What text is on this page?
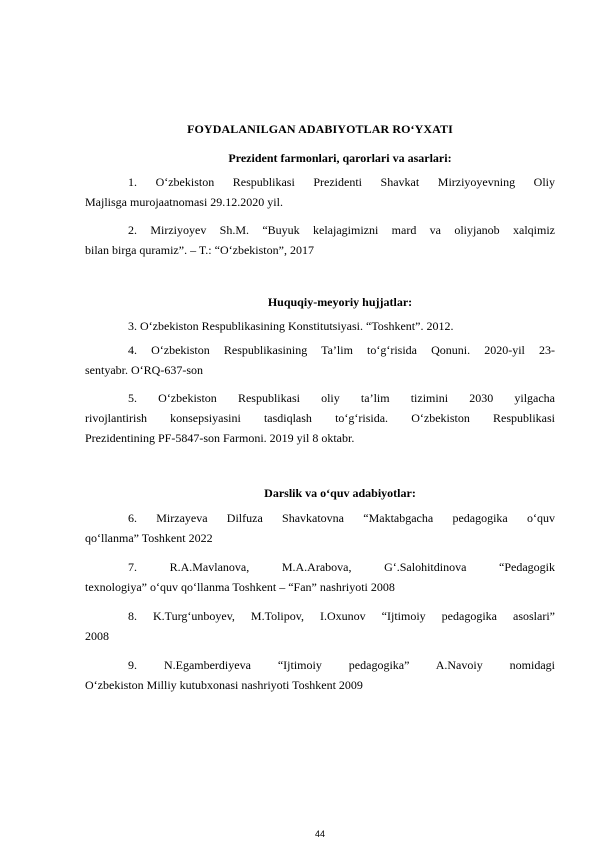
FOYDALANILGAN ADABIYOTLAR RO‘YXATI
Prezident farmonlari, qarorlari va asarlari:
1. O‘zbekiston Respublikasi Prezidenti Shavkat Mirziyoyevning Oliy
Majlisga murojaatnomasi 29.12.2020 yil.
2. Mirziyoyev Sh.M. “Buyuk kelajagimizni mard va oliyjanob xalqimiz
bilan birga quramiz”. – T.: “O‘zbekiston”, 2017
Huquqiy-meyoriy hujjatlar:
3. O‘zbekiston Respublikasining Konstitutsiyasi. “Toshkent”. 2012.
4. O‘zbekiston Respublikasining Ta’lim to‘g‘risida Qonuni. 2020-yil 23-
sentyabr. O‘RQ-637-son
5. O‘zbekiston Respublikasi oliy ta’lim tizimini 2030 yilgacha
rivojlantirish konsepsiyasini tasdiqlash to‘g‘risida. O‘zbekiston Respublikasi
Prezidentining PF-5847-son Farmoni. 2019 yil 8 oktabr.
Darslik va o‘quv adabiyotlar:
6. Mirzayeva Dilfuza Shavkatovna “Maktabgacha pedagogika o‘quv
qo‘llanma” Toshkent 2022
7. R.A.Mavlanova, M.A.Arabova, G‘.Salohitdinova “Pedagogik
texnologiya” o‘quv qo‘llanma Toshkent – “Fan” nashriyoti 2008
8. K.Turg‘unboyev, M.Tolipov, I.Oxunov “Ijtimoiy pedagogika asoslari”
2008
9. N.Egamberdiyeva “Ijtimoiy pedagogika” A.Navoiy nomidagi
O‘zbekiston Milliy kutubxonasi nashriyoti Toshkent 2009
44
